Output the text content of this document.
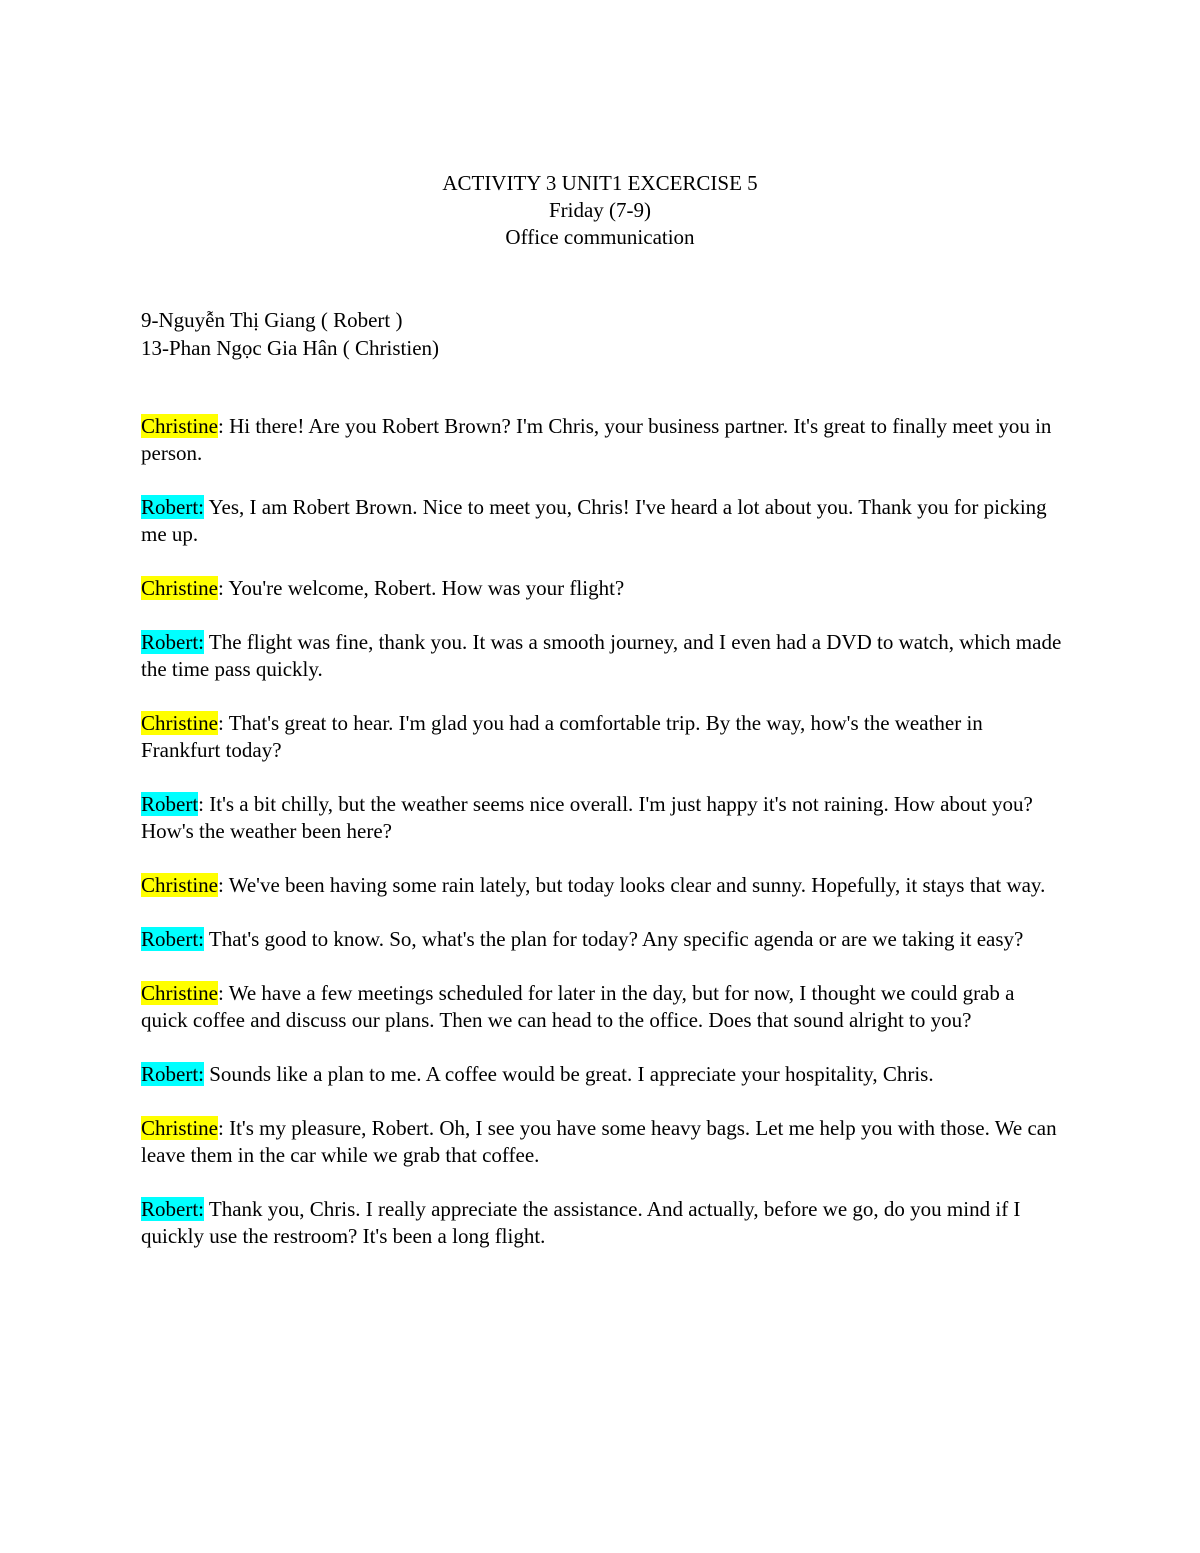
ACTIVITY 3 UNIT1 EXCERCISE 5
Friday (7-9)
Office communication
9-Nguyễn Thị Giang ( Robert )
13-Phan Ngọc Gia Hân ( Christien)
Christine: Hi there! Are you Robert Brown? I'm Chris, your business partner. It's great to finally meet you in person.
Robert: Yes, I am Robert Brown. Nice to meet you, Chris! I've heard a lot about you. Thank you for picking me up.
Christine: You're welcome, Robert. How was your flight?
Robert: The flight was fine, thank you. It was a smooth journey, and I even had a DVD to watch, which made the time pass quickly.
Christine: That's great to hear. I'm glad you had a comfortable trip. By the way, how's the weather in Frankfurt today?
Robert: It's a bit chilly, but the weather seems nice overall. I'm just happy it's not raining. How about you? How's the weather been here?
Christine: We've been having some rain lately, but today looks clear and sunny. Hopefully, it stays that way.
Robert: That's good to know. So, what's the plan for today? Any specific agenda or are we taking it easy?
Christine: We have a few meetings scheduled for later in the day, but for now, I thought we could grab a quick coffee and discuss our plans. Then we can head to the office. Does that sound alright to you?
Robert: Sounds like a plan to me. A coffee would be great. I appreciate your hospitality, Chris.
Christine: It's my pleasure, Robert. Oh, I see you have some heavy bags. Let me help you with those. We can leave them in the car while we grab that coffee.
Robert: Thank you, Chris. I really appreciate the assistance. And actually, before we go, do you mind if I quickly use the restroom? It's been a long flight.
